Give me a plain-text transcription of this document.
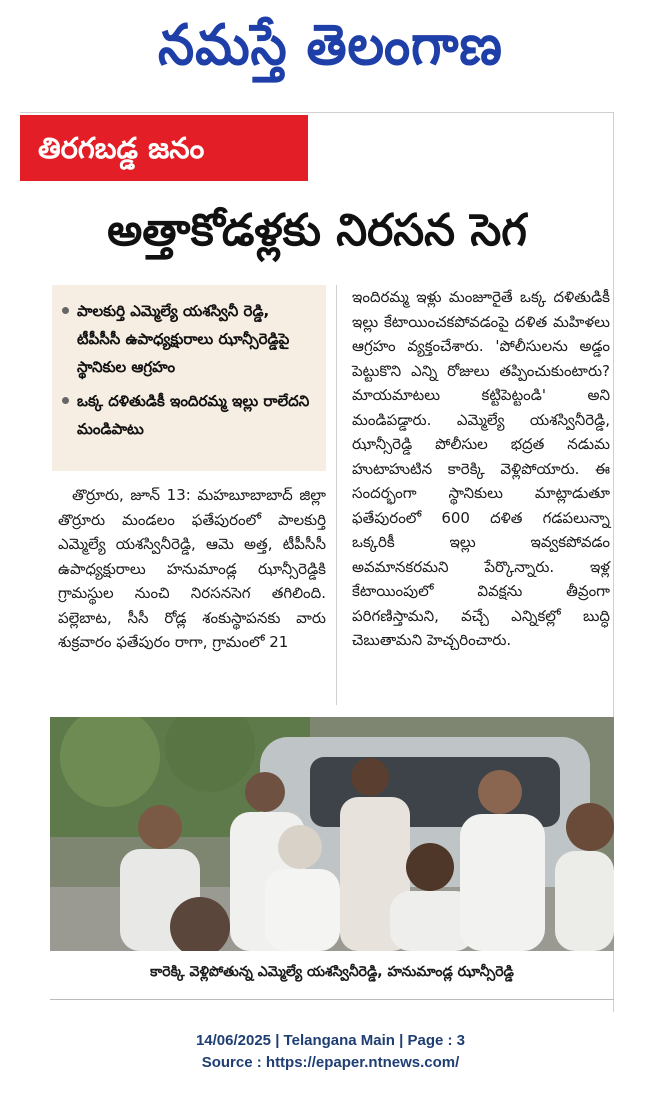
నమస్తే తెలంగాణ
తిరగబడ్డ జనం
అత్తాకోడళ్లకు నిరసన సెగ
పాలకుర్తి ఎమ్మెల్యే యశస్వినీ రెడ్డి, టీపీసీసీ ఉపాధ్యక్షురాలు ఝాన్సీరెడ్డిపై స్థానికుల ఆగ్రహం
ఒక్క దళితుడికీ ఇందిరమ్మ ఇల్లు రాలేదని మండిపాటు
తొర్రూరు, జూన్ 13: మహబూబాబాద్ జిల్లా తొర్రూరు మండలం ఫతేపురంలో పాలకుర్తి ఎమ్మెల్యే యశస్వినీరెడ్డి, ఆమె అత్త, టీపీసీసీ ఉపాధ్యక్షురాలు హనుమాండ్ల ఝాన్సీరెడ్డికి గ్రామస్థుల నుంచి నిరసనసెగ తగిలింది. పల్లెబాట, సీసీ రోడ్ల శంకుస్థాపనకు వారు శుక్రవారం ఫతేపురం రాగా, గ్రామంలో 21
ఇందిరమ్మ ఇళ్లు మంజూరైతే ఒక్క దళితుడికీ ఇల్లు కేటాయించకపోవడంపై దళిత మహిళలు ఆగ్రహం వ్యక్తంచేశారు. 'పోలీసులను అడ్డం పెట్టుకొని ఎన్ని రోజులు తప్పించుకుంటారు? మాయమాటలు కట్టిపెట్టండి' అని మండిపడ్డారు. ఎమ్మెల్యే యశస్వినీరెడ్డి, ఝాన్సీరెడ్డి పోలీసుల భద్రత నడుమ హుటాహుటిన కారెక్కి వెళ్లిపోయారు. ఈ సందర్భంగా స్థానికులు మాట్లాడుతూ ఫతేపురంలో 600 దళిత గడపలున్నా ఒక్కరికీ ఇల్లు ఇవ్వకపోవడం అవమానకరమని పేర్కొన్నారు. ఇళ్ల కేటాయింపులో వివక్షను తీవ్రంగా పరిగణిస్తామని, వచ్చే ఎన్నికల్లో బుద్ధి చెబుతామని హెచ్చరించారు.
కారెక్కి వెళ్లిపోతున్న ఎమ్మెల్యే యశస్వినీరెడ్డి, హనుమాండ్ల ఝాన్సీరెడ్డి
14/06/2025 | Telangana Main | Page : 3
Source : https://epaper.ntnews.com/
